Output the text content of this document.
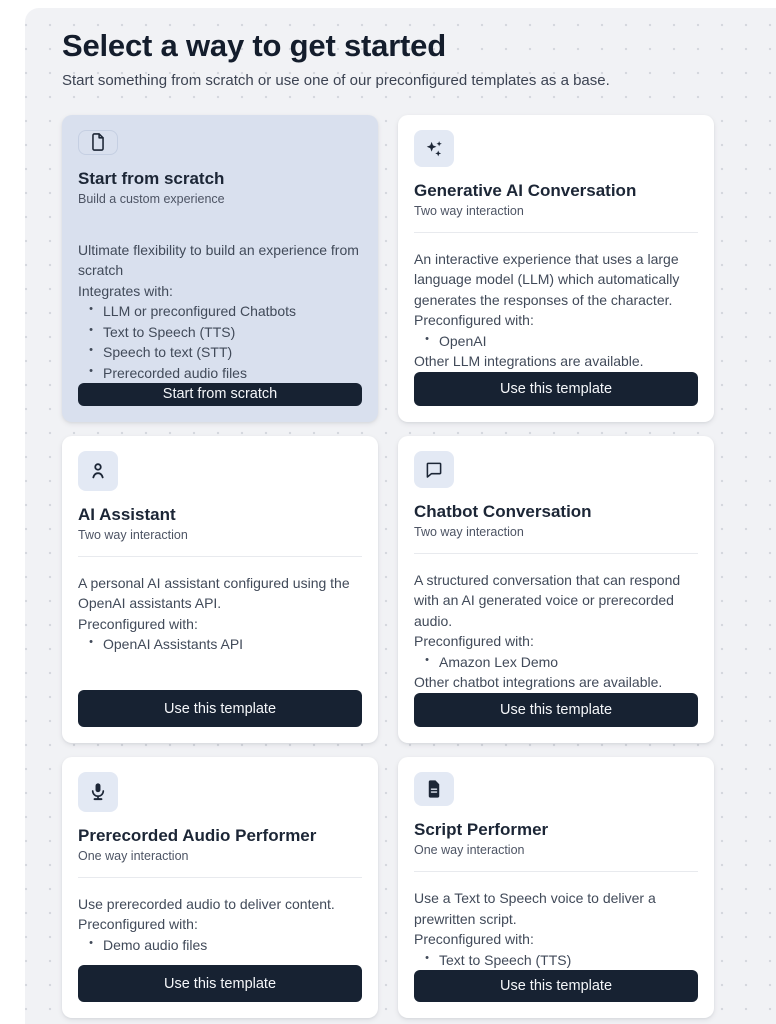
Select a way to get started

Start something from scratch or use one of our preconfigured templates as a base.

Start from scratch
Build a custom experience
Ultimate flexibility to build an experience from scratch
Integrates with:
• LLM or preconfigured Chatbots
• Text to Speech (TTS)
• Speech to text (STT)
• Prerecorded audio files
Start from scratch
Generative AI Conversation
Two way interaction
An interactive experience that uses a large language model (LLM) which automatically generates the responses of the character.
Preconfigured with:
• OpenAI
Other LLM integrations are available.
Use this template
AI Assistant
Two way interaction
A personal AI assistant configured using the OpenAI assistants API.
Preconfigured with:
• OpenAI Assistants API
Use this template
Chatbot Conversation
Two way interaction
A structured conversation that can respond with an AI generated voice or prerecorded audio.
Preconfigured with:
• Amazon Lex Demo
Other chatbot integrations are available.
Use this template
Prerecorded Audio Performer
One way interaction
Use prerecorded audio to deliver content.
Preconfigured with:
• Demo audio files
Use this template
Script Performer
One way interaction
Use a Text to Speech voice to deliver a prewritten script.
Preconfigured with:
• Text to Speech (TTS)
Use this template
